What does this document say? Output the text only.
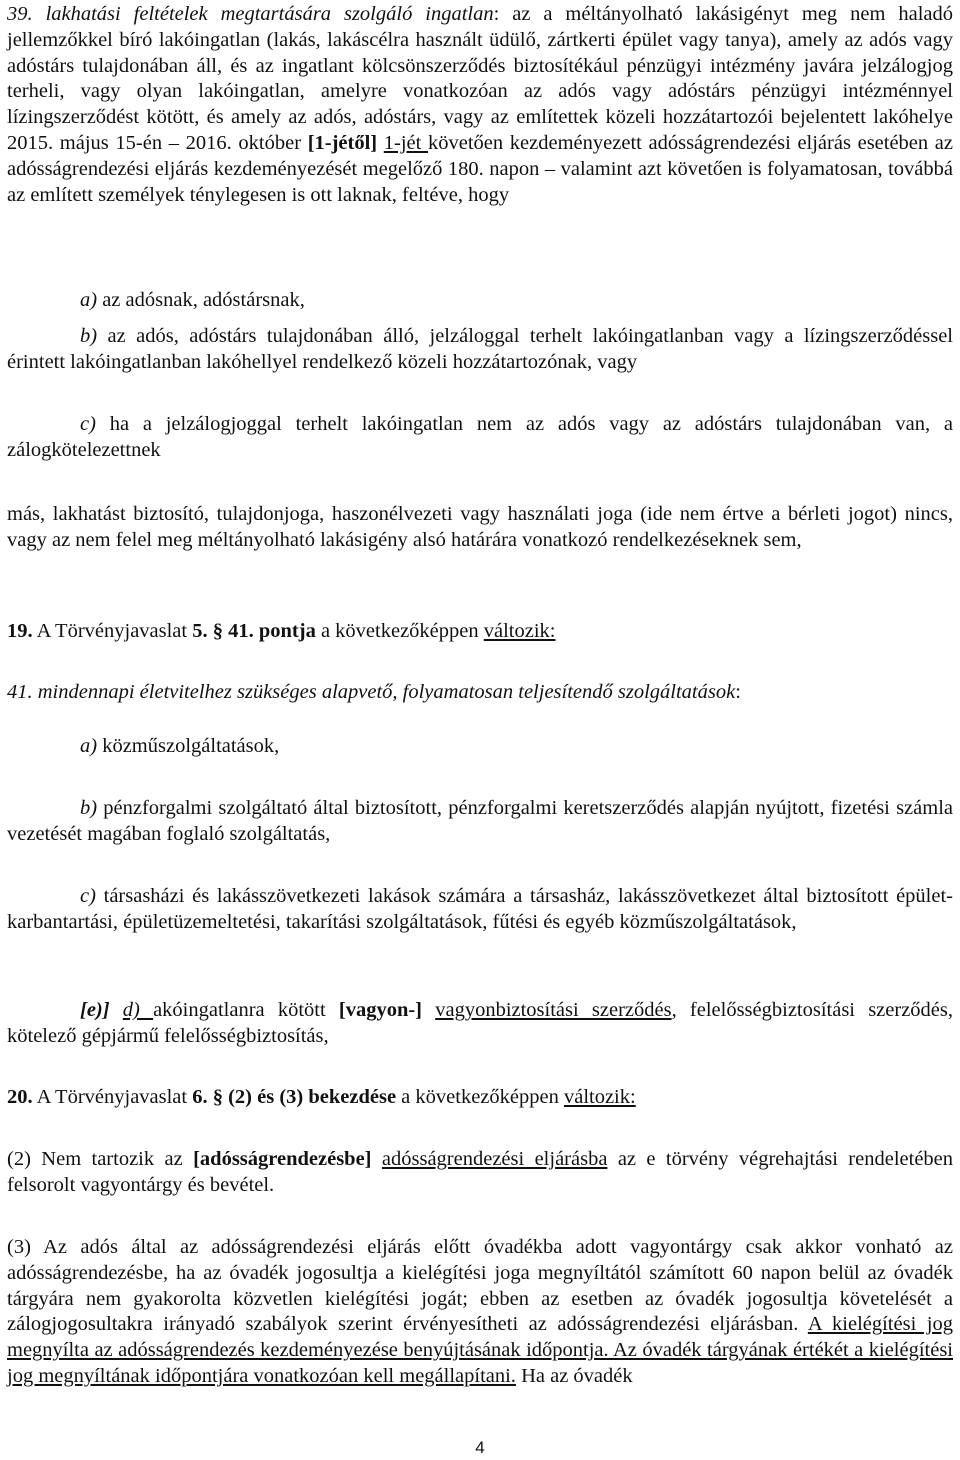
39. lakhatási feltételek megtartására szolgáló ingatlan: az a méltányolható lakásigényt meg nem haladó jellemzőkkel bíró lakóingatlan (lakás, lakáscélra használt üdülő, zártkerti épület vagy tanya), amely az adós vagy adóstárs tulajdonában áll, és az ingatlant kölcsönszerződés biztosítékául pénzügyi intézmény javára jelzálogjog terheli, vagy olyan lakóingatlan, amelyre vonatkozóan az adós vagy adóstárs pénzügyi intézménnyel lízingszerződést kötött, és amely az adós, adóstárs, vagy az említettek közeli hozzátartozói bejelentett lakóhelye 2015. május 15-én – 2016. október [1-jétől] 1-jét követően kezdeményezett adósságrendezési eljárás esetében az adósságrendezési eljárás kezdeményezését megelőző 180. napon – valamint azt követően is folyamatosan, továbbá az említett személyek ténylegesen is ott laknak, feltéve, hogy

a) az adósnak, adóstársnak,

b) az adós, adóstárs tulajdonában álló, jelzáloggal terhelt lakóingatlanban vagy a lízingszerződéssel érintett lakóingatlanban lakóhellyel rendelkező közeli hozzátartozónak, vagy

c) ha a jelzálogjoggal terhelt lakóingatlan nem az adós vagy az adóstárs tulajdonában van, a zálogkötelezettnek

más, lakhatást biztosító, tulajdonjoga, haszonélvezeti vagy használati joga (ide nem értve a bérleti jogot) nincs, vagy az nem felel meg méltányolható lakásigény alsó határára vonatkozó rendelkezéseknek sem,

19. A Törvényjavaslat 5. § 41. pontja a következőképpen változik:

41. mindennapi életvitelhez szükséges alapvető, folyamatosan teljesítendő szolgáltatások:

a) közműszolgáltatások,

b) pénzforgalmi szolgáltató által biztosított, pénzforgalmi keretszerződés alapján nyújtott, fizetési számla vezetését magában foglaló szolgáltatás,

c) társasházi és lakásszövetkezeti lakások számára a társasház, lakásszövetkezet által biztosított épület-karbantartási, épületüzemeltetési, takarítási szolgáltatások, fűtési és egyéb közműszolgáltatások,

[e)] d) akóingatlanra kötött [vagyon-] vagyonbiztosítási szerződés, felelősségbiztosítási szerződés, kötelező gépjármű felelősségbiztosítás,

20. A Törvényjavaslat 6. § (2) és (3) bekezdése a következőképpen változik:

(2) Nem tartozik az [adósságrendezésbe] adósságrendezési eljárásba az e törvény végrehajtási rendeletében felsorolt vagyontárgy és bevétel.

(3) Az adós által az adósságrendezési eljárás előtt óvadékba adott vagyontárgy csak akkor vonható az adósságrendezésbe, ha az óvadék jogosultja a kielégítési joga megnyíltától számított 60 napon belül az óvadék tárgyára nem gyakorolta közvetlen kielégítési jogát; ebben az esetben az óvadék jogosultja követelését a zálogjogosultakra irányadó szabályok szerint érvényesítheti az adósságrendezési eljárásban. A kielégítési jog megnyílta az adósságrendezés kezdeményezése benyújtásának időpontja. Az óvadék tárgyának értékét a kielégítési jog megnyíltának időpontjára vonatkozóan kell megállapítani. Ha az óvadék

4
